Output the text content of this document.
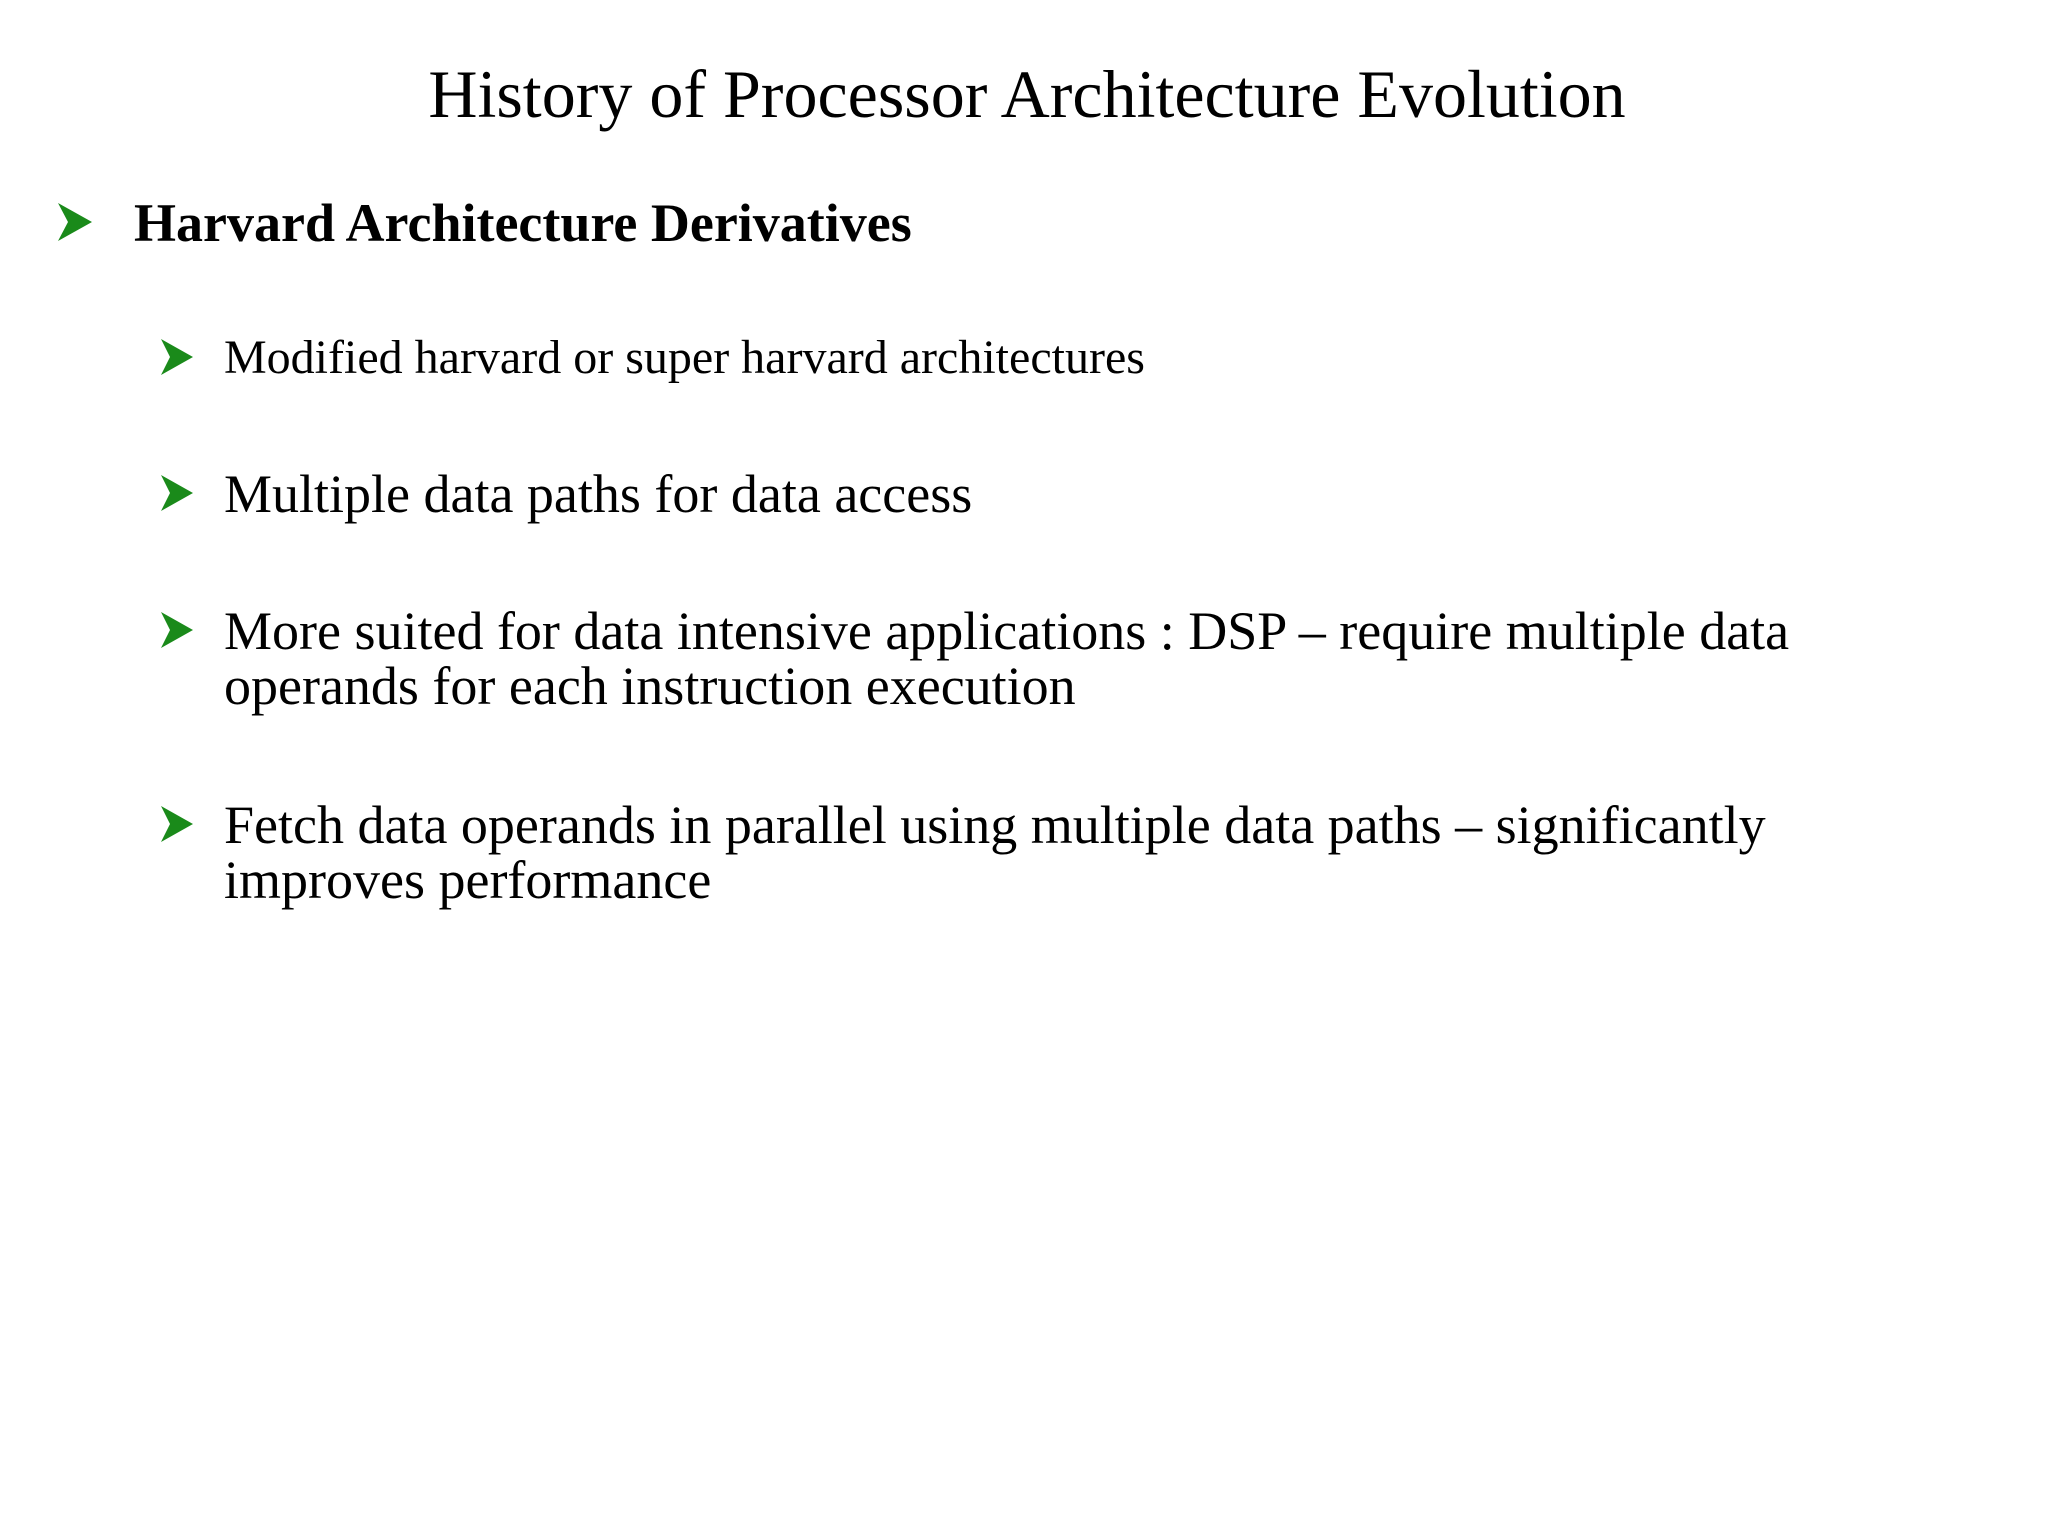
History of Processor Architecture Evolution
Harvard Architecture Derivatives
Modified harvard or super harvard architectures
Multiple data paths for data access
More suited for data intensive applications : DSP – require multiple data
operands for each instruction execution
Fetch data operands in parallel using multiple data paths – significantly
improves performance
